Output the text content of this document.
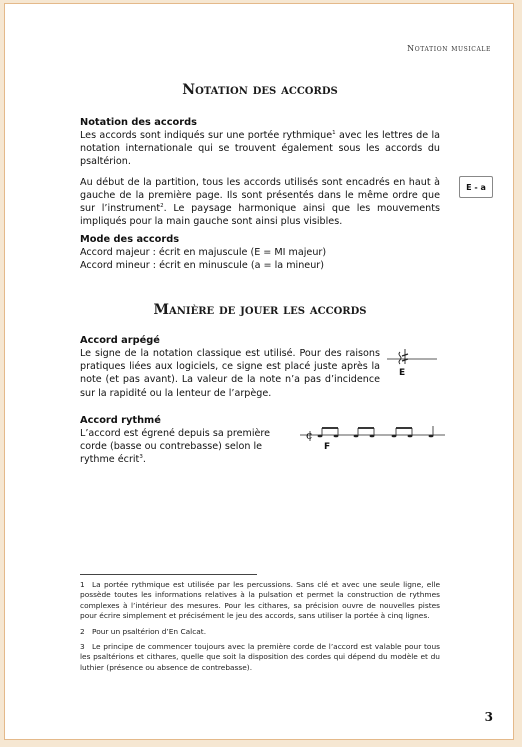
Notation musicale
Notation des accords
Notation des accords

Les accords sont indiqués sur une portée rythmique$^1$ avec les lettres de la notation internationale qui se trouvent également sous les accords du psaltérion.

Au début de la partition, tous les accords utilisés sont encadrés en haut à gauche de la première page. Ils sont présentés dans le même ordre que sur l’instrument$^2$. Le paysage harmonique ainsi que les mouvements impliqués pour la main gauche sont ainsi plus visibles.

E - a
Mode des accords

Accord majeur : écrit en majuscule (E = MI majeur)

Accord mineur : écrit en minuscule (a = la mineur)

Manière de jouer les accords
Accord arpégé

Le signe de la notation classique est utilisé. Pour des raisons pratiques liées aux logiciels, ce signe est placé juste après la note (et pas avant). La valeur de la note n’a pas d’incidence sur la rapidité ou la lenteur de l’arpège.

E
Accord rythmé

L’accord est égrené depuis sa première corde (basse ou contrebasse) selon le rythme écrit$^3$.

c
F

1 La portée rythmique est utilisée par les percussions. Sans clé et avec une seule ligne, elle possède toutes les informations relatives à la pulsation et permet la construction de rythmes complexes à l’intérieur des mesures. Pour les cithares, sa précision ouvre de nouvelles pistes pour écrire simplement et précisément le jeu des accords, sans utiliser la portée à cinq lignes.

2 Pour un psaltérion d’En Calcat.

3 Le principe de commencer toujours avec la première corde de l’accord est valable pour tous les psaltérions et cithares, quelle que soit la disposition des cordes qui dépend du modèle et du luthier (présence ou absence de contrebasse).

3
